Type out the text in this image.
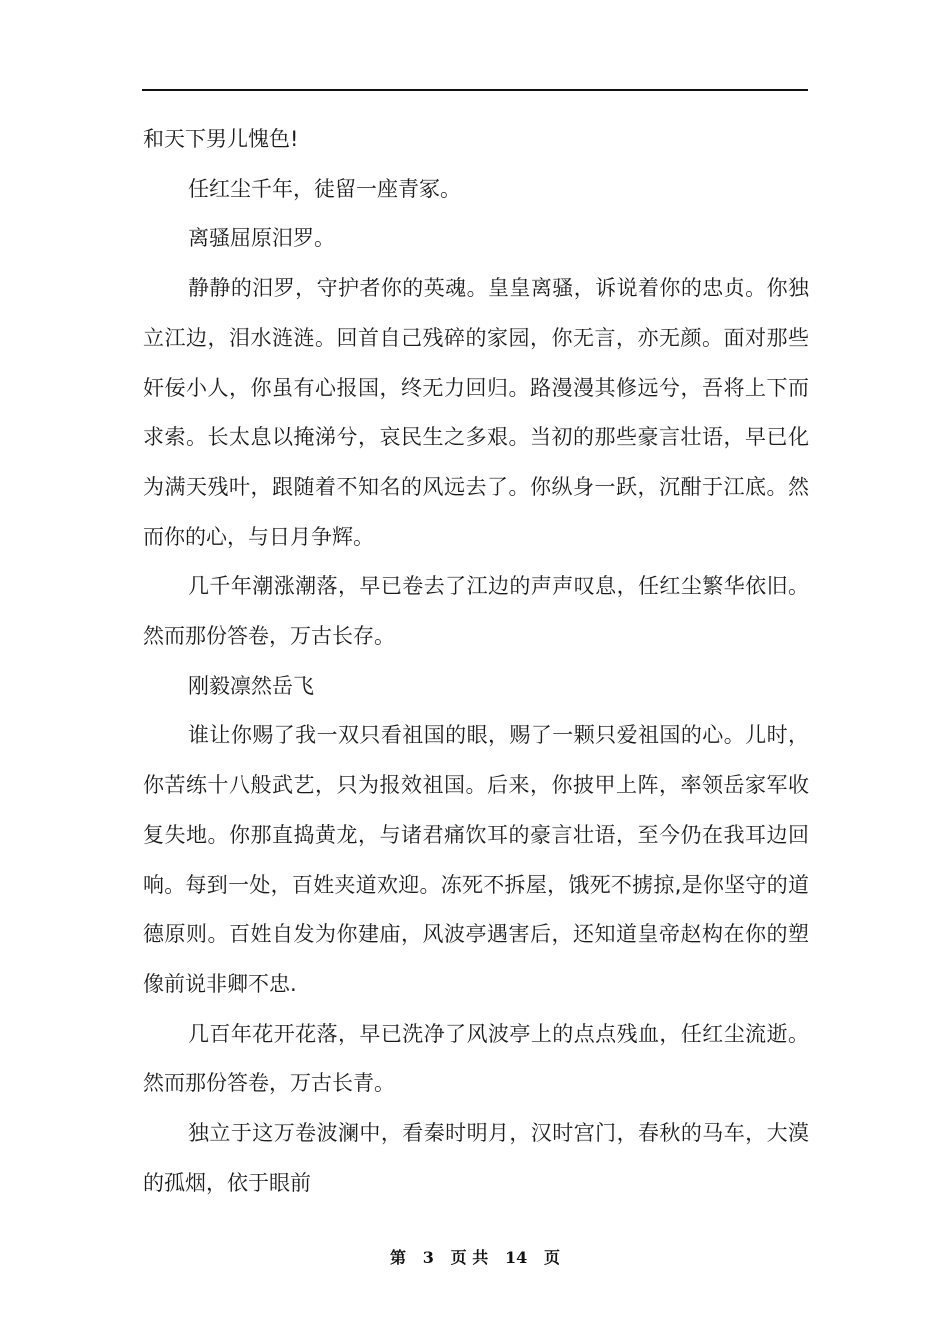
和天下男儿愧色!

任红尘千年，徒留一座青冢。

离骚屈原汨罗。

静静的汨罗，守护者你的英魂。皇皇离骚，诉说着你的忠贞。你独立江边，泪水涟涟。回首自己残碎的家园，你无言，亦无颜。面对那些奸佞小人，你虽有心报国，终无力回归。路漫漫其修远兮，吾将上下而求索。长太息以掩涕兮，哀民生之多艰。当初的那些豪言壮语，早已化为满天残叶，跟随着不知名的风远去了。你纵身一跃，沉酣于江底。然而你的心，与日月争辉。

几千年潮涨潮落，早已卷去了江边的声声叹息，任红尘繁华依旧。然而那份答卷，万古长存。

刚毅凛然岳飞

谁让你赐了我一双只看祖国的眼，赐了一颗只爱祖国的心。儿时，你苦练十八般武艺，只为报效祖国。后来，你披甲上阵，率领岳家军收复失地。你那直捣黄龙，与诸君痛饮耳的豪言壮语，至今仍在我耳边回响。每到一处，百姓夹道欢迎。冻死不拆屋，饿死不掳掠,是你坚守的道德原则。百姓自发为你建庙，风波亭遇害后，还知道皇帝赵构在你的塑像前说非卿不忠.

几百年花开花落，早已洗净了风波亭上的点点残血，任红尘流逝。然而那份答卷，万古长青。

独立于这万卷波澜中，看秦时明月，汉时宫门，春秋的马车，大漠的孤烟，依于眼前

第 3 页 共 14 页
